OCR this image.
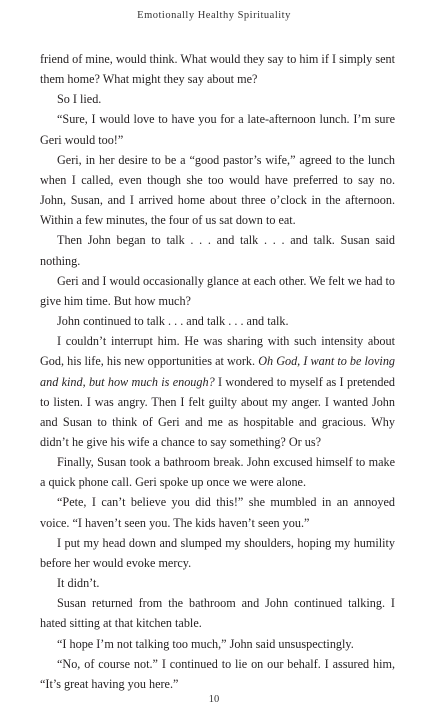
Emotionally Healthy Spirituality

friend of mine, would think. What would they say to him if I simply sent them home? What might they say about me?

So I lied.

“Sure, I would love to have you for a late-afternoon lunch. I’m sure Geri would too!”

Geri, in her desire to be a “good pastor’s wife,” agreed to the lunch when I called, even though she too would have preferred to say no. John, Susan, and I arrived home about three o’clock in the afternoon. Within a few minutes, the four of us sat down to eat.

Then John began to talk . . . and talk . . . and talk. Susan said nothing.

Geri and I would occasionally glance at each other. We felt we had to give him time. But how much?

John continued to talk . . . and talk . . . and talk.

I couldn’t interrupt him. He was sharing with such intensity about God, his life, his new opportunities at work. Oh God, I want to be loving and kind, but how much is enough? I wondered to myself as I pretended to listen. I was angry. Then I felt guilty about my anger. I wanted John and Susan to think of Geri and me as hospitable and gracious. Why didn’t he give his wife a chance to say something? Or us?

Finally, Susan took a bathroom break. John excused himself to make a quick phone call. Geri spoke up once we were alone.

“Pete, I can’t believe you did this!” she mumbled in an annoyed voice. “I haven’t seen you. The kids haven’t seen you.”

I put my head down and slumped my shoulders, hoping my humility before her would evoke mercy.

It didn’t.

Susan returned from the bathroom and John continued talking. I hated sitting at that kitchen table.

“I hope I’m not talking too much,” John said unsuspectingly.

“No, of course not.” I continued to lie on our behalf. I assured him, “It’s great having you here.”

10
